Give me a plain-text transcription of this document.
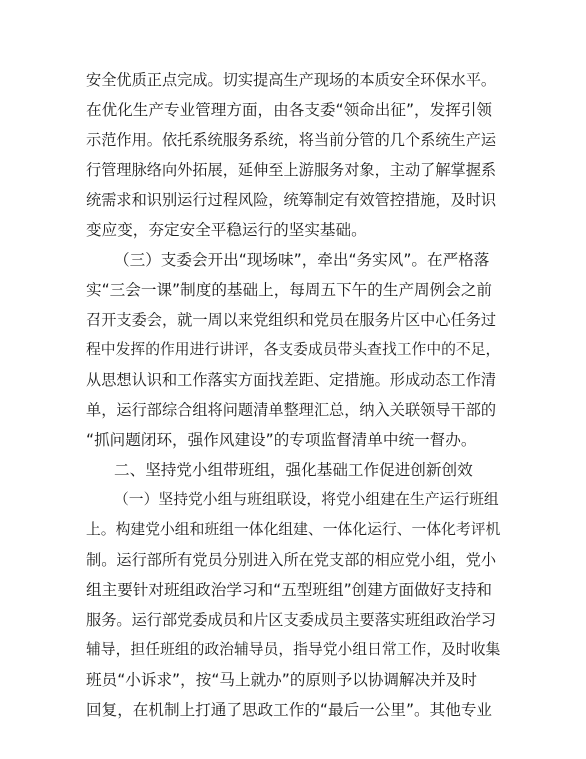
安全优质正点完成。切实提高生产现场的本质安全环保水平。
在优化生产专业管理方面，由各支委“领命出征”，发挥引领
示范作用。依托系统服务系统，将当前分管的几个系统生产运
行管理脉络向外拓展，延伸至上游服务对象，主动了解掌握系
统需求和识别运行过程风险，统筹制定有效管控措施，及时识
变应变，夯定安全平稳运行的坚实基础。
（三）支委会开出“现场味”，牵出“务实风”。在严格落
实“三会一课”制度的基础上，每周五下午的生产周例会之前
召开支委会，就一周以来党组织和党员在服务片区中心任务过
程中发挥的作用进行讲评，各支委成员带头查找工作中的不足，
从思想认识和工作落实方面找差距、定措施。形成动态工作清
单，运行部综合组将问题清单整理汇总，纳入关联领导干部的
“抓问题闭环，强作风建设”的专项监督清单中统一督办。
二、坚持党小组带班组，强化基础工作促进创新创效
（一）坚持党小组与班组联设，将党小组建在生产运行班组
上。构建党小组和班组一体化组建、一体化运行、一体化考评机
制。运行部所有党员分别进入所在党支部的相应党小组，党小
组主要针对班组政治学习和“五型班组”创建方面做好支持和
服务。运行部党委成员和片区支委成员主要落实班组政治学习
辅导，担任班组的政治辅导员，指导党小组日常工作，及时收集
班员“小诉求”，按“马上就办”的原则予以协调解决并及时
回复，在机制上打通了思政工作的“最后一公里”。其他专业
